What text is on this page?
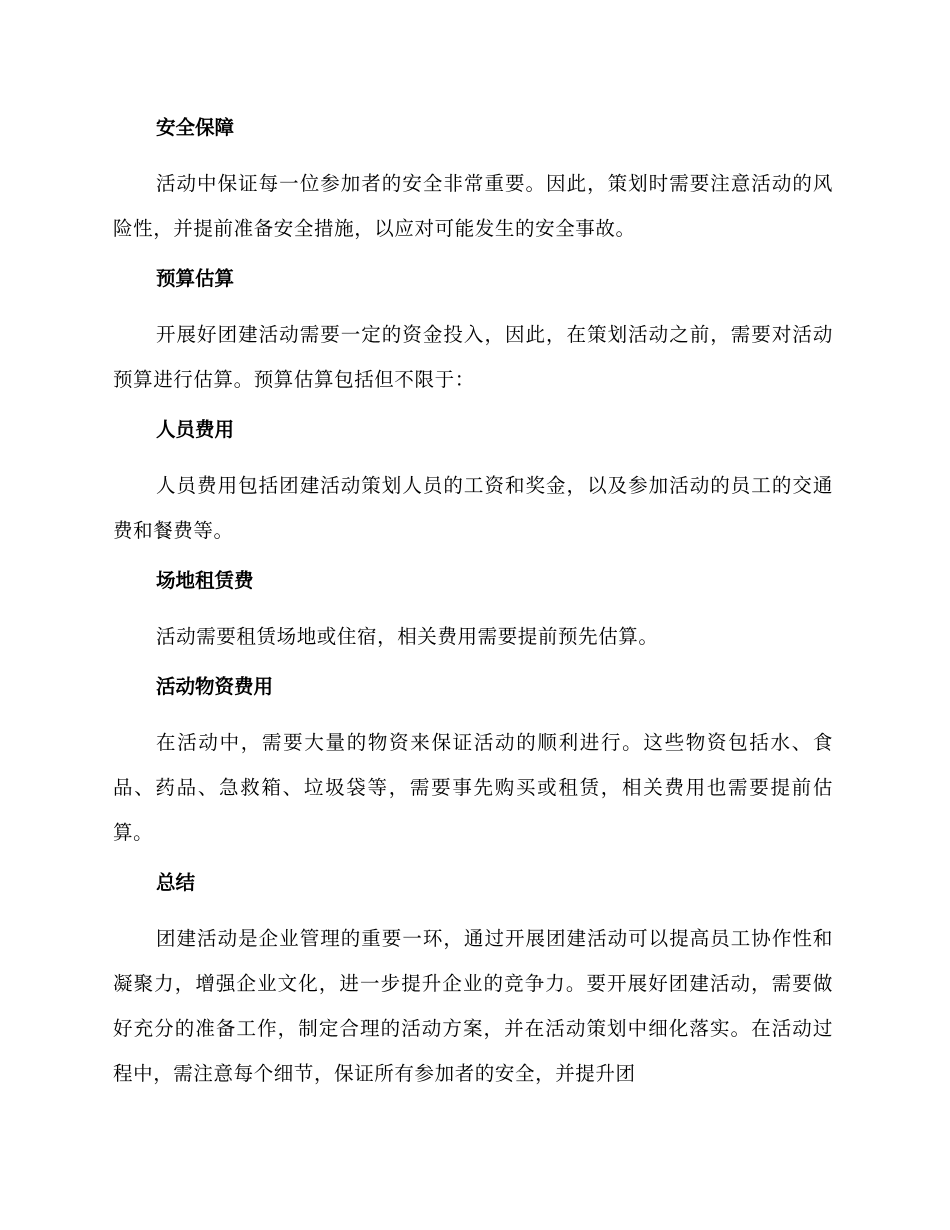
安全保障

活动中保证每一位参加者的安全非常重要。因此，策划时需要注意活动的风险性，并提前准备安全措施，以应对可能发生的安全事故。

预算估算

开展好团建活动需要一定的资金投入，因此，在策划活动之前，需要对活动预算进行估算。预算估算包括但不限于：

人员费用

人员费用包括团建活动策划人员的工资和奖金，以及参加活动的员工的交通费和餐费等。

场地租赁费

活动需要租赁场地或住宿，相关费用需要提前预先估算。

活动物资费用

在活动中，需要大量的物资来保证活动的顺利进行。这些物资包括水、食品、药品、急救箱、垃圾袋等，需要事先购买或租赁，相关费用也需要提前估算。

总结

团建活动是企业管理的重要一环，通过开展团建活动可以提高员工协作性和凝聚力，增强企业文化，进一步提升企业的竞争力。要开展好团建活动，需要做好充分的准备工作，制定合理的活动方案，并在活动策划中细化落实。在活动过程中，需注意每个细节，保证所有参加者的安全，并提升团
